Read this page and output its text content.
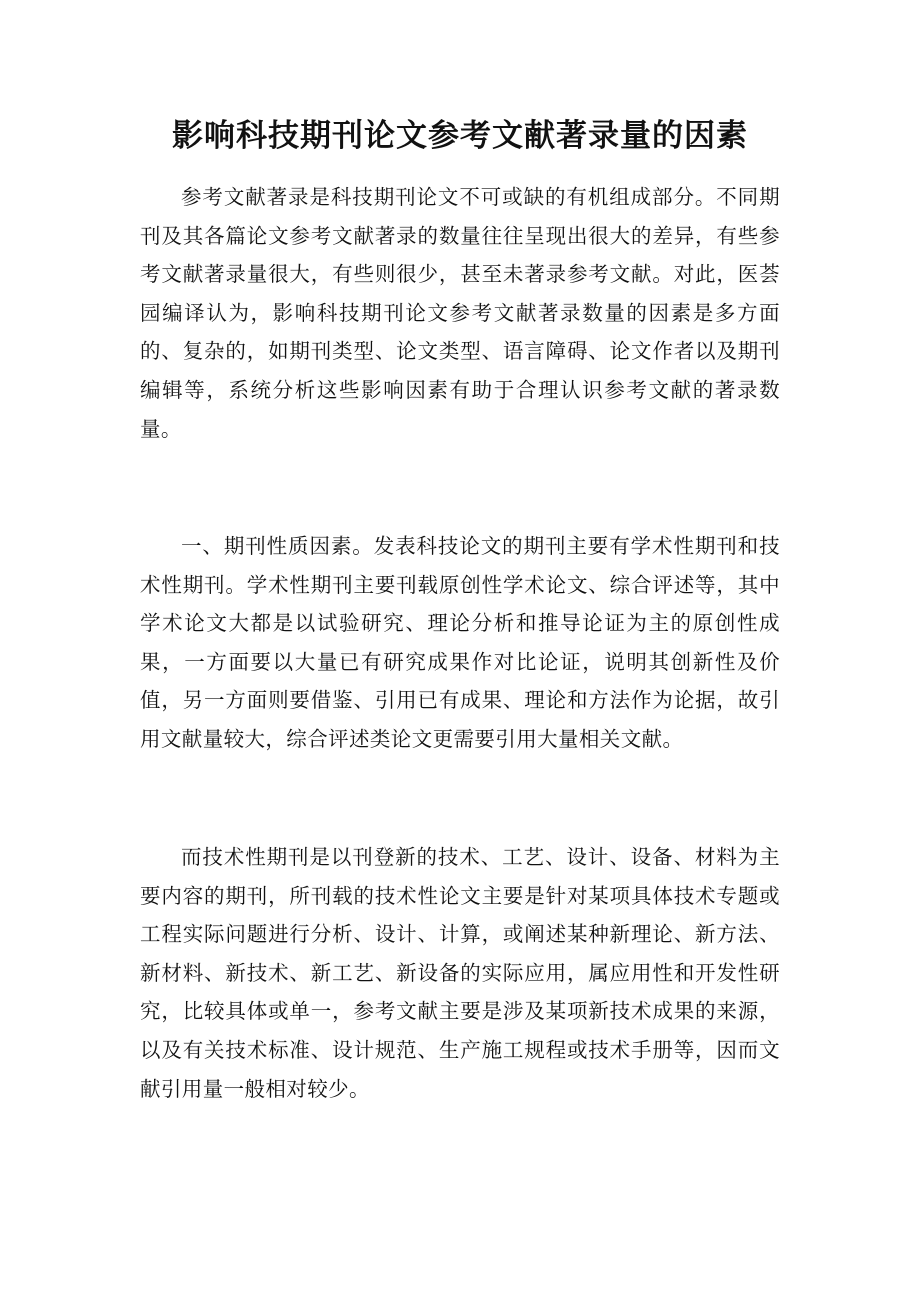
影响科技期刊论文参考文献著录量的因素

参考文献著录是科技期刊论文不可或缺的有机组成部分。不同期刊及其各篇论文参考文献著录的数量往往呈现出很大的差异，有些参考文献著录量很大，有些则很少，甚至未著录参考文献。对此，医荟园编译认为，影响科技期刊论文参考文献著录数量的因素是多方面的、复杂的，如期刊类型、论文类型、语言障碍、论文作者以及期刊编辑等，系统分析这些影响因素有助于合理认识参考文献的著录数量。

一、期刊性质因素。发表科技论文的期刊主要有学术性期刊和技术性期刊。学术性期刊主要刊载原创性学术论文、综合评述等，其中学术论文大都是以试验研究、理论分析和推导论证为主的原创性成果，一方面要以大量已有研究成果作对比论证，说明其创新性及价值，另一方面则要借鉴、引用已有成果、理论和方法作为论据，故引用文献量较大，综合评述类论文更需要引用大量相关文献。

而技术性期刊是以刊登新的技术、工艺、设计、设备、材料为主要内容的期刊，所刊载的技术性论文主要是针对某项具体技术专题或工程实际问题进行分析、设计、计算，或阐述某种新理论、新方法、新材料、新技术、新工艺、新设备的实际应用，属应用性和开发性研究，比较具体或单一，参考文献主要是涉及某项新技术成果的来源，以及有关技术标准、设计规范、生产施工规程或技术手册等，因而文献引用量一般相对较少。
